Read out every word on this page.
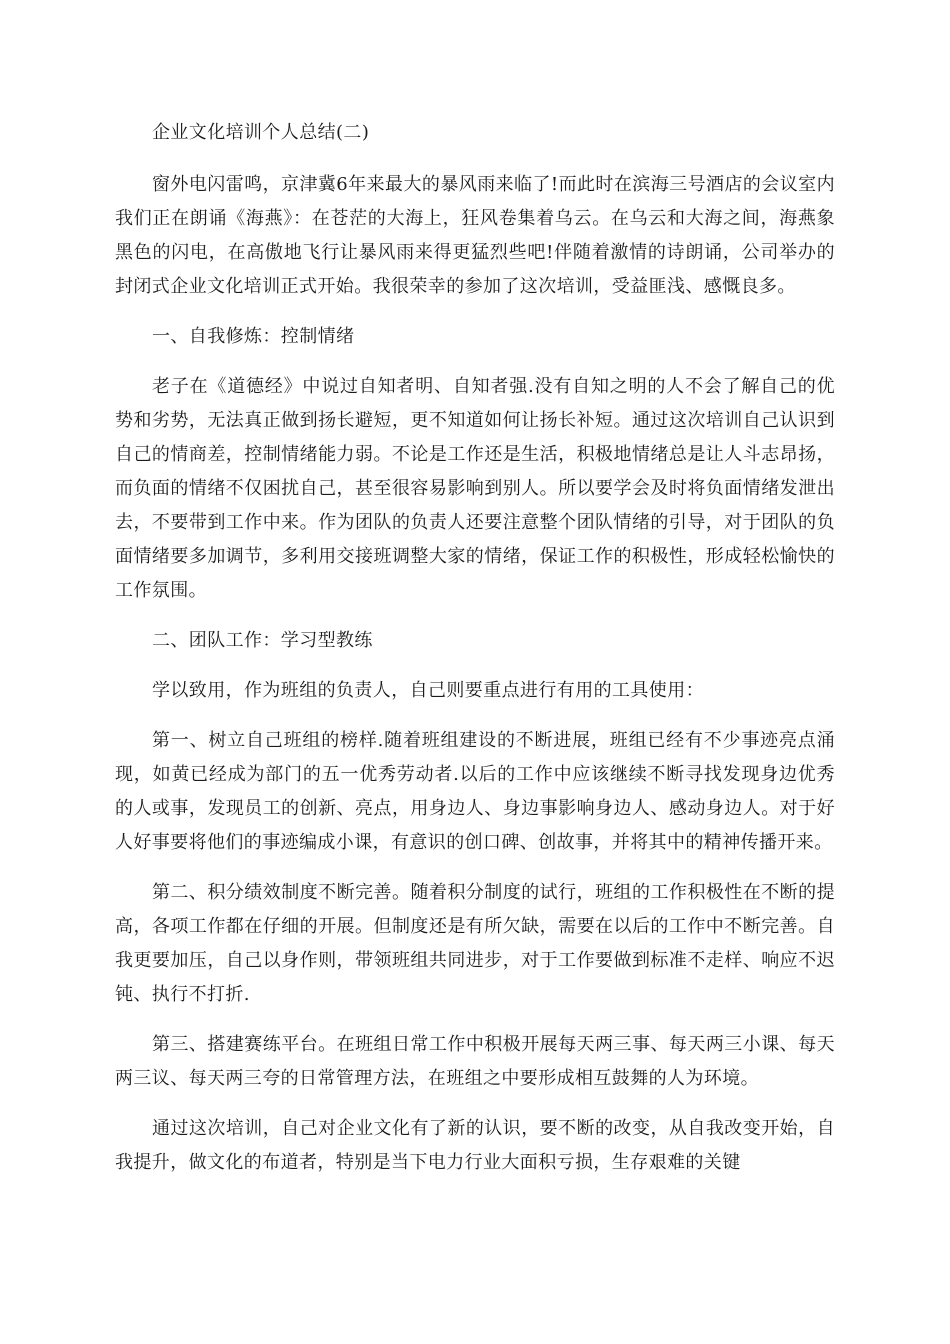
企业文化培训个人总结(二)

窗外电闪雷鸣，京津冀6年来最大的暴风雨来临了!而此时在滨海三号酒店的会议室内我们正在朗诵《海燕》：在苍茫的大海上，狂风卷集着乌云。在乌云和大海之间，海燕象黑色的闪电，在高傲地飞行让暴风雨来得更猛烈些吧!伴随着激情的诗朗诵，公司举办的封闭式企业文化培训正式开始。我很荣幸的参加了这次培训，受益匪浅、感慨良多。

一、自我修炼：控制情绪

老子在《道德经》中说过自知者明、自知者强.没有自知之明的人不会了解自己的优势和劣势，无法真正做到扬长避短，更不知道如何让扬长补短。通过这次培训自己认识到自己的情商差，控制情绪能力弱。不论是工作还是生活，积极地情绪总是让人斗志昂扬，而负面的情绪不仅困扰自己，甚至很容易影响到别人。所以要学会及时将负面情绪发泄出去，不要带到工作中来。作为团队的负责人还要注意整个团队情绪的引导，对于团队的负面情绪要多加调节，多利用交接班调整大家的情绪，保证工作的积极性，形成轻松愉快的工作氛围。

二、团队工作：学习型教练

学以致用，作为班组的负责人，自己则要重点进行有用的工具使用：

第一、树立自己班组的榜样.随着班组建设的不断进展，班组已经有不少事迹亮点涌现，如黄已经成为部门的五一优秀劳动者.以后的工作中应该继续不断寻找发现身边优秀的人或事，发现员工的创新、亮点，用身边人、身边事影响身边人、感动身边人。对于好人好事要将他们的事迹编成小课，有意识的创口碑、创故事，并将其中的精神传播开来。

第二、积分绩效制度不断完善。随着积分制度的试行，班组的工作积极性在不断的提高，各项工作都在仔细的开展。但制度还是有所欠缺，需要在以后的工作中不断完善。自我更要加压，自己以身作则，带领班组共同进步，对于工作要做到标准不走样、响应不迟钝、执行不打折.

第三、搭建赛练平台。在班组日常工作中积极开展每天两三事、每天两三小课、每天两三议、每天两三夸的日常管理方法，在班组之中要形成相互鼓舞的人为环境。

通过这次培训，自己对企业文化有了新的认识，要不断的改变，从自我改变开始，自我提升，做文化的布道者，特别是当下电力行业大面积亏损，生存艰难的关键
